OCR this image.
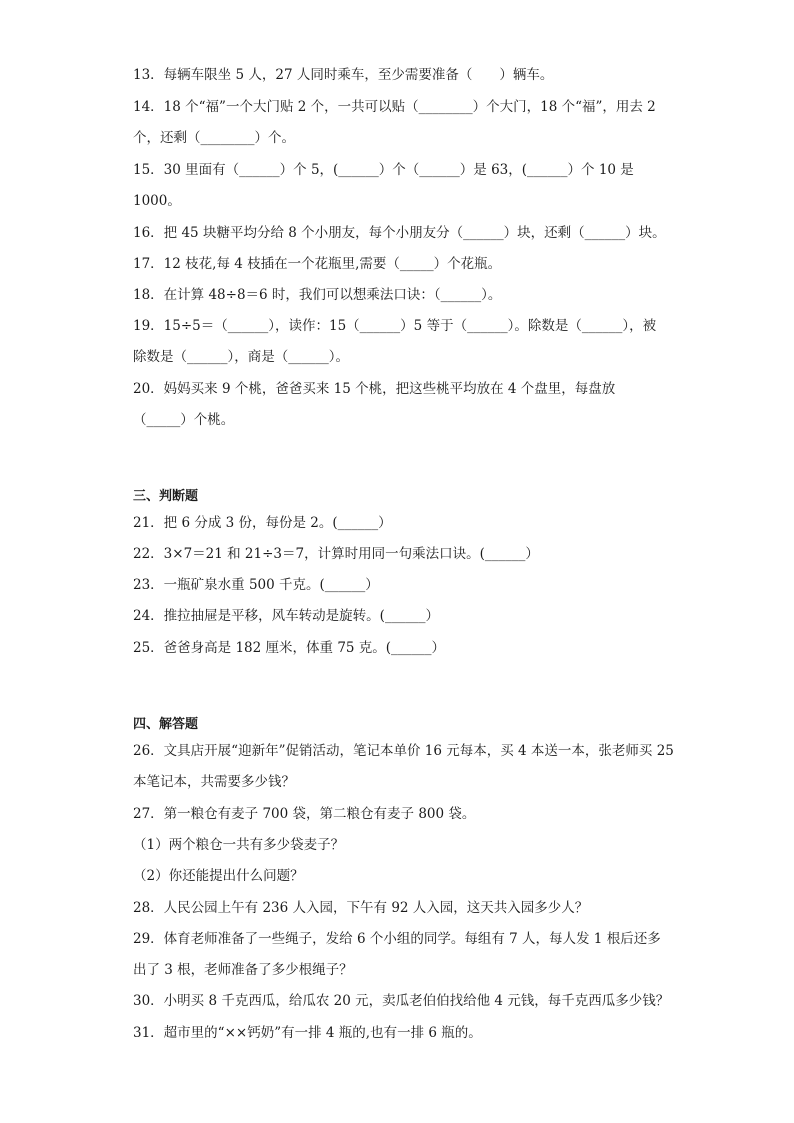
13．每辆车限坐 5 人，27 人同时乘车，至少需要准备（　　）辆车。
14．18 个“福”一个大门贴 2 个，一共可以贴（________）个大门，18 个“福”，用去 2
个，还剩（________）个。
15．30 里面有（______）个 5，(______）个（______）是 63，(______）个 10 是
1000。
16．把 45 块糖平均分给 8 个小朋友，每个小朋友分（______）块，还剩（______）块。
17．12 枝花,每 4 枝插在一个花瓶里,需要（_____）个花瓶。
18．在计算 48÷8＝6 时，我们可以想乘法口诀：（______）。
19．15÷5＝（______），读作：15（______）5 等于（______）。除数是（______），被
除数是（______），商是（______）。
20．妈妈买来 9 个桃，爸爸买来 15 个桃，把这些桃平均放在 4 个盘里，每盘放
（_____）个桃。
三、判断题
21．把 6 分成 3 份，每份是 2。(______）
22．3×7＝21 和 21÷3＝7，计算时用同一句乘法口诀。(______）
23．一瓶矿泉水重 500 千克。(______）
24．推拉抽屉是平移，风车转动是旋转。(______）
25．爸爸身高是 182 厘米，体重 75 克。(______）
四、解答题
26．文具店开展“迎新年”促销活动，笔记本单价 16 元每本，买 4 本送一本，张老师买 25
本笔记本，共需要多少钱？
27．第一粮仓有麦子 700 袋，第二粮仓有麦子 800 袋。
（1）两个粮仓一共有多少袋麦子？
（2）你还能提出什么问题？
28．人民公园上午有 236 人入园，下午有 92 人入园，这天共入园多少人？
29．体育老师准备了一些绳子，发给 6 个小组的同学。每组有 7 人，每人发 1 根后还多
出了 3 根，老师准备了多少根绳子？
30．小明买 8 千克西瓜，给瓜农 20 元，卖瓜老伯伯找给他 4 元钱，每千克西瓜多少钱？
31．超市里的“××钙奶”有一排 4 瓶的,也有一排 6 瓶的。
